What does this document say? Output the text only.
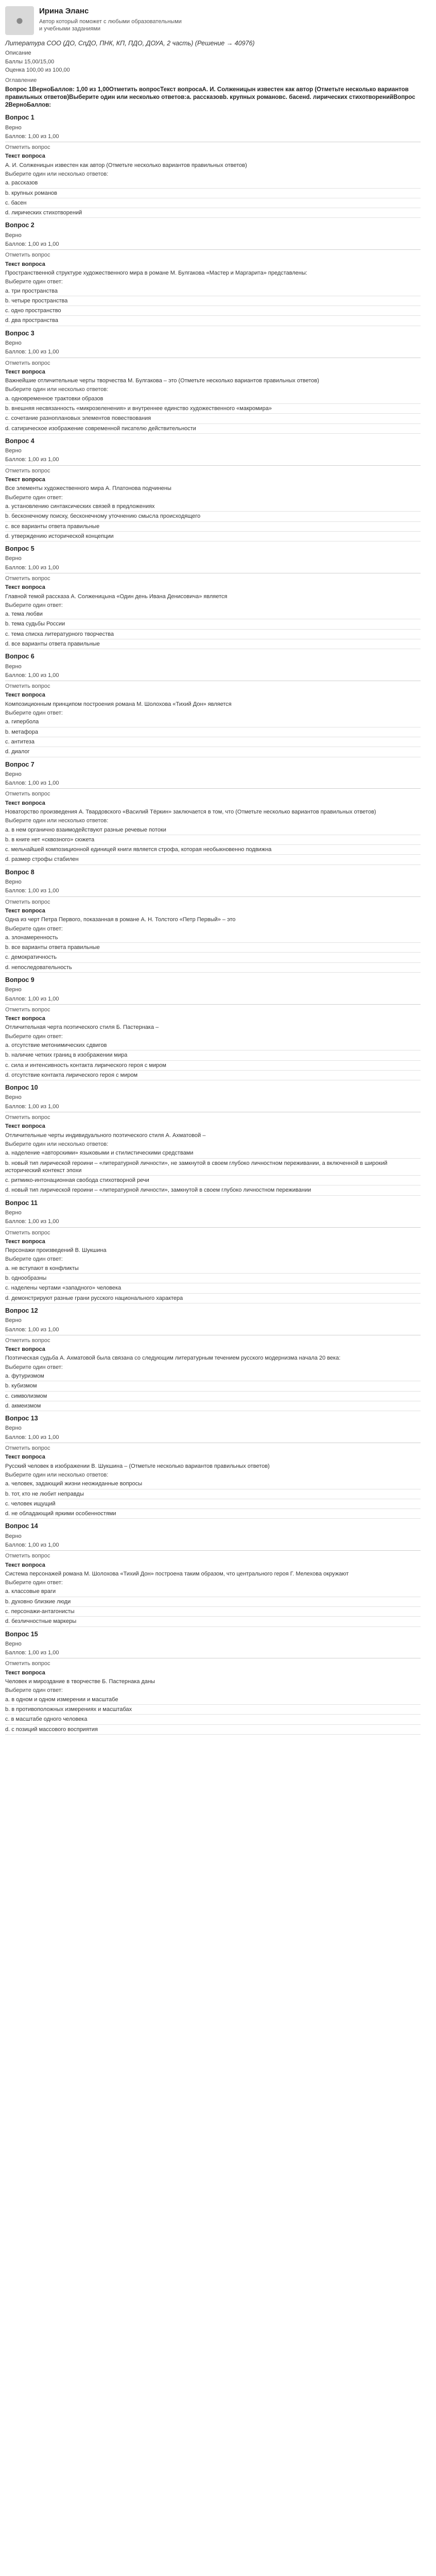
●
Ирина Эланс
Автор который поможет с любыми образовательными и учебными заданиями
Литература СОО (ДО, СпДО, ПНК, КП, ПДО, ДОУА, 2 часть) (Решение → 40976)
Описание
Баллы 15,00/15,00
Оценка 100,00 из 100,00
Оглавление
Вопрос 1ВерноБаллов: 1,00 из 1,00Отметить вопросТекст вопросаА. И. Солженицын известен как автор (Отметьте несколько вариантов правильных ответов)Выберите один или несколько ответов:a. рассказовb. крупных романовc. басенd. лирических стихотворенийВопрос 2ВерноБаллов:
Вопрос 1
Верно
Баллов: 1,00 из 1,00
Отметить вопрос
Текст вопроса
А. И. Солженицын известен как автор (Отметьте несколько вариантов правильных ответов)
Выберите один или несколько ответов:
a. рассказов
b. крупных романов
c. басен
d. лирических стихотворений
Вопрос 2
Верно
Баллов: 1,00 из 1,00
Отметить вопрос
Текст вопроса
Пространственной структуре художественного мира в романе М. Булгакова «Мастер и Маргарита» представлены:
Выберите один ответ:
a. три пространства
b. четыре пространства
c. одно пространство
d. два пространства
Вопрос 3
Верно
Баллов: 1,00 из 1,00
Отметить вопрос
Текст вопроса
Важнейшие отличительные черты творчества М. Булгакова – это (Отметьте несколько вариантов правильных ответов)
Выберите один или несколько ответов:
a. одновременное трактовки образов
b. внешняя несвязанность «микрозеленения» и внутреннее единство художественного «макромира»
c. сочетание разноплановых элементов повествования
d. сатирическое изображение современной писателю действительности
Вопрос 4
Верно
Баллов: 1,00 из 1,00
Отметить вопрос
Текст вопроса
Все элементы художественного мира А. Платонова подчинены
Выберите один ответ:
a. установлению синтаксических связей в предложениях
b. бесконечному поиску, бесконечному уточнению смысла происходящего
c. все варианты ответа правильные
d. утверждению исторической концепции
Вопрос 5
Верно
Баллов: 1,00 из 1,00
Отметить вопрос
Текст вопроса
Главной темой рассказа А. Солженицына «Один день Ивана Денисовича» является
Выберите один ответ:
a. тема любви
b. тема судьбы России
c. тема списка литературного творчества
d. все варианты ответа правильные
Вопрос 6
Верно
Баллов: 1,00 из 1,00
Отметить вопрос
Текст вопроса
Композиционным принципом построения романа М. Шолохова «Тихий Дон» является
Выберите один ответ:
a. гипербола
b. метафора
c. антитеза
d. диалог
Вопрос 7
Верно
Баллов: 1,00 из 1,00
Отметить вопрос
Текст вопроса
Новаторство произведения А. Твардовского «Василий Тёркин» заключается в том, что (Отметьте несколько вариантов правильных ответов)
Выберите один или несколько ответов:
a. в нем органично взаимодействуют разные речевые потоки
b. в книге нет «сквозного» сюжета
c. мельчайшей композиционной единицей книги является строфа, которая необыкновенно подвижна
d. размер строфы стабилен
Вопрос 8
Верно
Баллов: 1,00 из 1,00
Отметить вопрос
Текст вопроса
Одна из черт Петра Первого, показанная в романе А. Н. Толстого «Петр Первый» – это
Выберите один ответ:
a. злонамеренность
b. все варианты ответа правильные
c. демократичность
d. непоследовательность
Вопрос 9
Верно
Баллов: 1,00 из 1,00
Отметить вопрос
Текст вопроса
Отличительная черта поэтического стиля Б. Пастернака –
Выберите один ответ:
a. отсутствие метонимических сдвигов
b. наличие четких границ в изображении мира
c. сила и интенсивность контакта лирического героя с миром
d. отсутствие контакта лирического героя с миром
Вопрос 10
Верно
Баллов: 1,00 из 1,00
Отметить вопрос
Текст вопроса
Отличительные черты индивидуального поэтического стиля А. Ахматовой –
Выберите один или несколько ответов:
a. наделение «авторскими» языковыми и стилистическими средствами
b. новый тип лирической героини – «литературной личности», не замкнутой в своем глубоко личностном переживании, а включенной в широкий исторический контекст эпохи
c. ритмико-интонационная свобода стихотворной речи
d. новый тип лирической героини – «литературной личности», замкнутой в своем глубоко личностном переживании
Вопрос 11
Верно
Баллов: 1,00 из 1,00
Отметить вопрос
Текст вопроса
Персонажи произведений В. Шукшина
Выберите один ответ:
a. не вступают в конфликты
b. однообразны
c. наделены чертами «западного» человека
d. демонстрируют разные грани русского национального характера
Вопрос 12
Верно
Баллов: 1,00 из 1,00
Отметить вопрос
Текст вопроса
Поэтическая судьба А. Ахматовой была связана со следующим литературным течением русского модернизма начала 20 века:
Выберите один ответ:
a. футуризмом
b. кубизмом
c. символизмом
d. акмеизмом
Вопрос 13
Верно
Баллов: 1,00 из 1,00
Отметить вопрос
Текст вопроса
Русский человек в изображении В. Шукшина – (Отметьте несколько вариантов правильных ответов)
Выберите один или несколько ответов:
a. человек, задающий жизни неожиданные вопросы
b. тот, кто не любит неправды
c. человек ищущий
d. не обладающий яркими особенностями
Вопрос 14
Верно
Баллов: 1,00 из 1,00
Отметить вопрос
Текст вопроса
Система персонажей романа М. Шолохова «Тихий Дон» построена таким образом, что центрального героя Г. Мелехова окружают
Выберите один ответ:
a. классовые враги
b. духовно близкие люди
c. персонажи-антагонисты
d. безличностные маркеры
Вопрос 15
Верно
Баллов: 1,00 из 1,00
Отметить вопрос
Текст вопроса
Человек и мироздание в творчестве Б. Пастернака даны
Выберите один ответ:
a. в одном и одном измерении и масштабе
b. в противоположных измерениях и масштабах
c. в масштабе одного человека
d. с позиций массового восприятия
